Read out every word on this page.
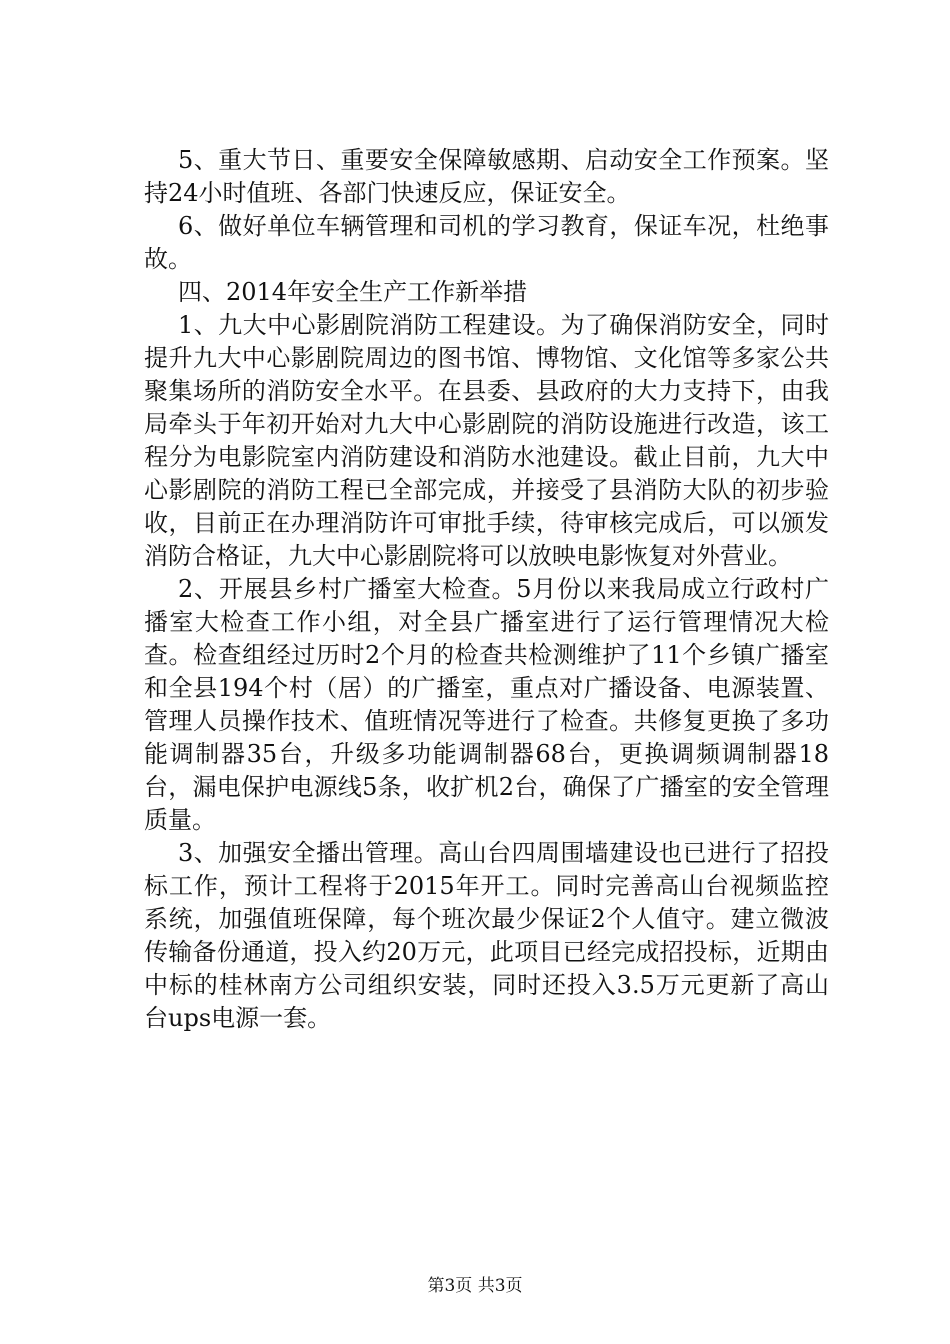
5、重大节日、重要安全保障敏感期、启动安全工作预案。坚持24小时值班、各部门快速反应，保证安全。

6、做好单位车辆管理和司机的学习教育，保证车况，杜绝事故。

四、2014年安全生产工作新举措

1、九大中心影剧院消防工程建设。为了确保消防安全，同时提升九大中心影剧院周边的图书馆、博物馆、文化馆等多家公共聚集场所的消防安全水平。在县委、县政府的大力支持下，由我局牵头于年初开始对九大中心影剧院的消防设施进行改造，该工程分为电影院室内消防建设和消防水池建设。截止目前，九大中心影剧院的消防工程已全部完成，并接受了县消防大队的初步验收，目前正在办理消防许可审批手续，待审核完成后，可以颁发消防合格证，九大中心影剧院将可以放映电影恢复对外营业。

2、开展县乡村广播室大检查。5月份以来我局成立行政村广播室大检查工作小组，对全县广播室进行了运行管理情况大检查。检查组经过历时2个月的检查共检测维护了11个乡镇广播室和全县194个村（居）的广播室，重点对广播设备、电源装置、管理人员操作技术、值班情况等进行了检查。共修复更换了多功能调制器35台，升级多功能调制器68台，更换调频调制器18台，漏电保护电源线5条，收扩机2台，确保了广播室的安全管理质量。

3、加强安全播出管理。高山台四周围墙建设也已进行了招投标工作，预计工程将于2015年开工。同时完善高山台视频监控系统，加强值班保障，每个班次最少保证2个人值守。建立微波传输备份通道，投入约20万元，此项目已经完成招投标，近期由中标的桂林南方公司组织安装，同时还投入3.5万元更新了高山台ups电源一套。

第3页 共3页
